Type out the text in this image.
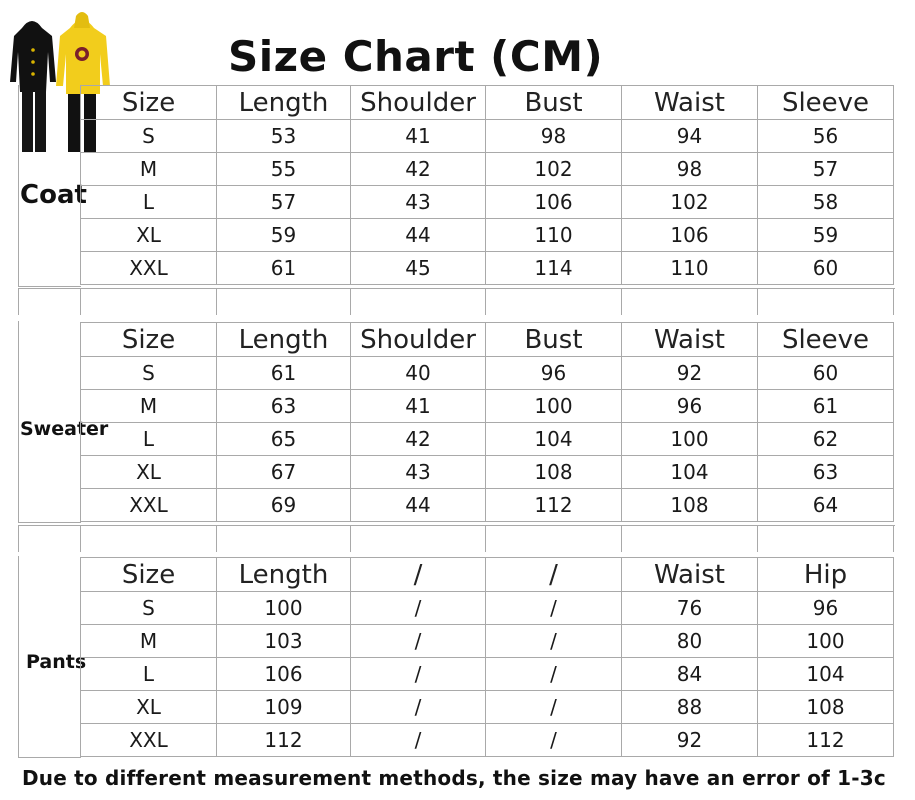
Size Chart (CM)
Coat
Size	Length	Shoulder	Bust	Waist	Sleeve
S	53	41	98	94	56
M	55	42	102	98	57
L	57	43	106	102	58
XL	59	44	110	106	59
XXL	61	45	114	110	60
Sweater
Size	Length	Shoulder	Bust	Waist	Sleeve
S	61	40	96	92	60
M	63	41	100	96	61
L	65	42	104	100	62
XL	67	43	108	104	63
XXL	69	44	112	108	64
Pants
Size	Length	/	/	Waist	Hip
S	100	/	/	76	96
M	103	/	/	80	100
L	106	/	/	84	104
XL	109	/	/	88	108
XXL	112	/	/	92	112
Due to different measurement methods, the size may have an error of 1-3c
